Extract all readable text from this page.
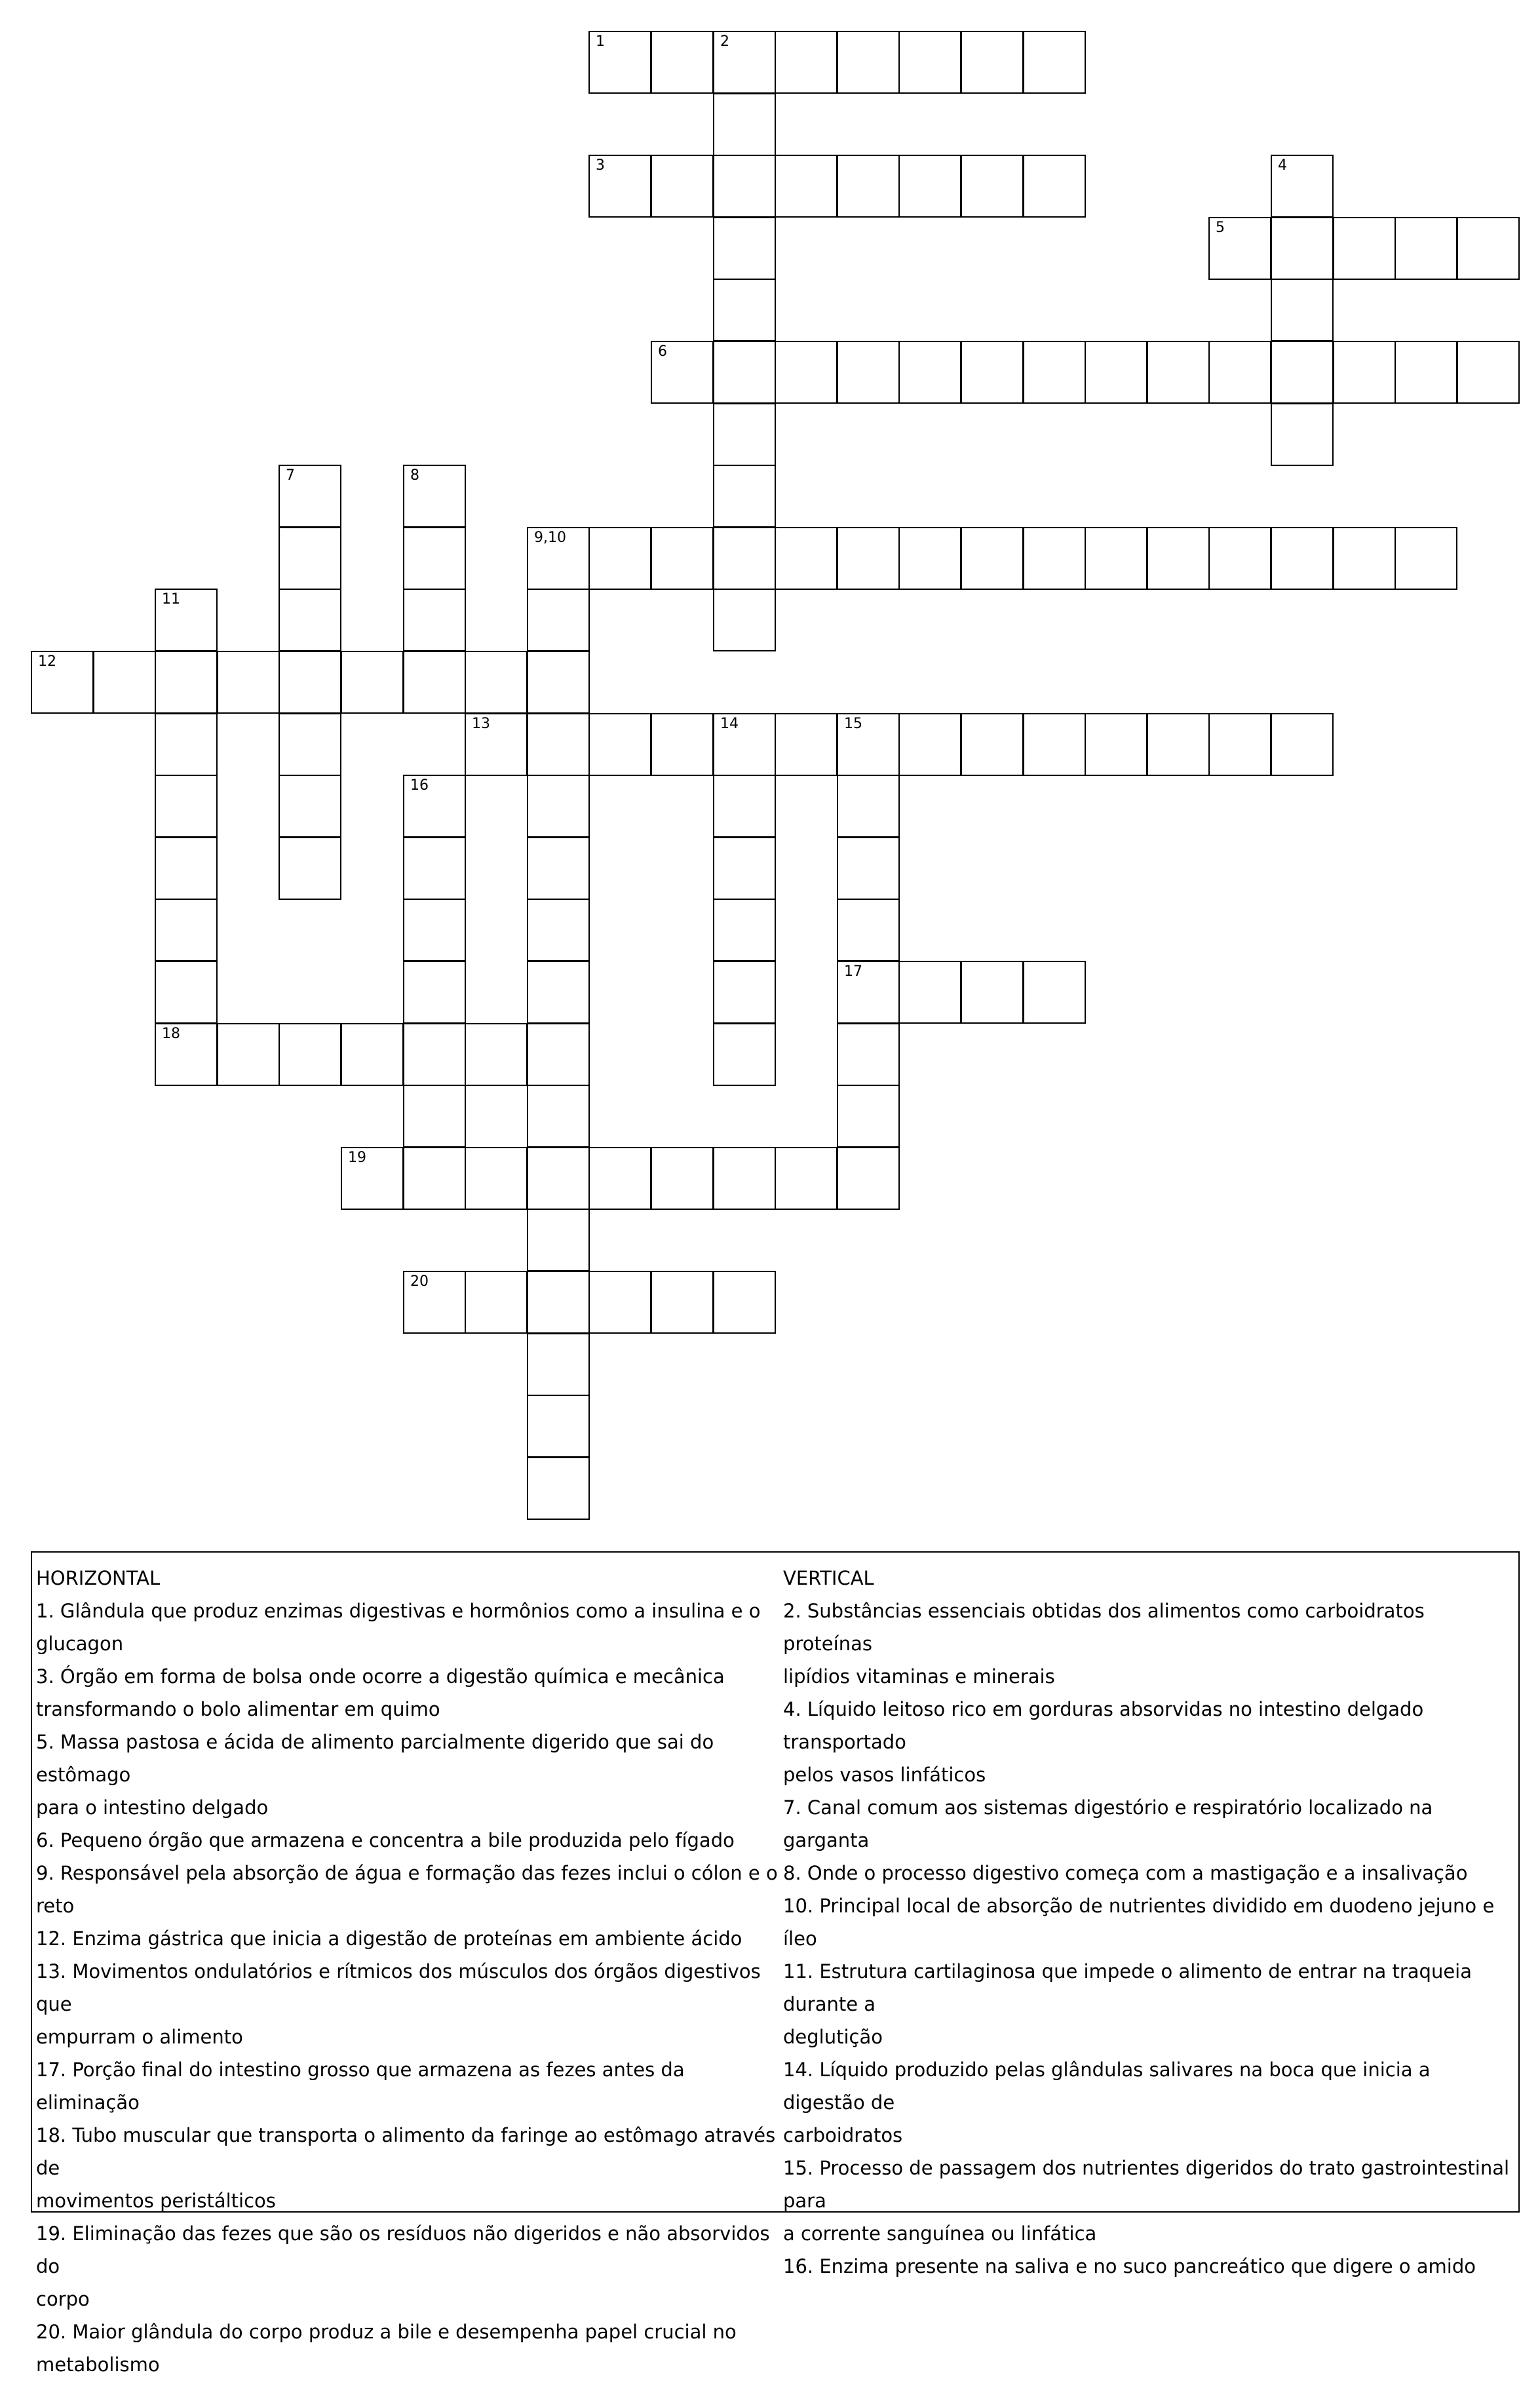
1	2
3
5
6
9,10
12
13	14	15
17
18
19
20
4
7	8
11
16
HORIZONTAL
1. Glândula que produz enzimas digestivas e hormônios como a insulina e o
glucagon
3. Órgão em forma de bolsa onde ocorre a digestão química e mecânica
transformando o bolo alimentar em quimo
5. Massa pastosa e ácida de alimento parcialmente digerido que sai do estômago
para o intestino delgado
6. Pequeno órgão que armazena e concentra a bile produzida pelo fígado
9. Responsável pela absorção de água e formação das fezes inclui o cólon e o reto
12. Enzima gástrica que inicia a digestão de proteínas em ambiente ácido
13. Movimentos ondulatórios e rítmicos dos músculos dos órgãos digestivos que
empurram o alimento
17. Porção final do intestino grosso que armazena as fezes antes da eliminação
18. Tubo muscular que transporta o alimento da faringe ao estômago através de
movimentos peristálticos
19. Eliminação das fezes que são os resíduos não digeridos e não absorvidos do
corpo
20. Maior glândula do corpo produz a bile e desempenha papel crucial no
metabolismo
VERTICAL
2. Substâncias essenciais obtidas dos alimentos como carboidratos proteínas
lipídios vitaminas e minerais
4. Líquido leitoso rico em gorduras absorvidas no intestino delgado transportado
pelos vasos linfáticos
7. Canal comum aos sistemas digestório e respiratório localizado na garganta
8. Onde o processo digestivo começa com a mastigação e a insalivação
10. Principal local de absorção de nutrientes dividido em duodeno jejuno e íleo
11. Estrutura cartilaginosa que impede o alimento de entrar na traqueia durante a
deglutição
14. Líquido produzido pelas glândulas salivares na boca que inicia a digestão de
carboidratos
15. Processo de passagem dos nutrientes digeridos do trato gastrointestinal para
a corrente sanguínea ou linfática
16. Enzima presente na saliva e no suco pancreático que digere o amido
